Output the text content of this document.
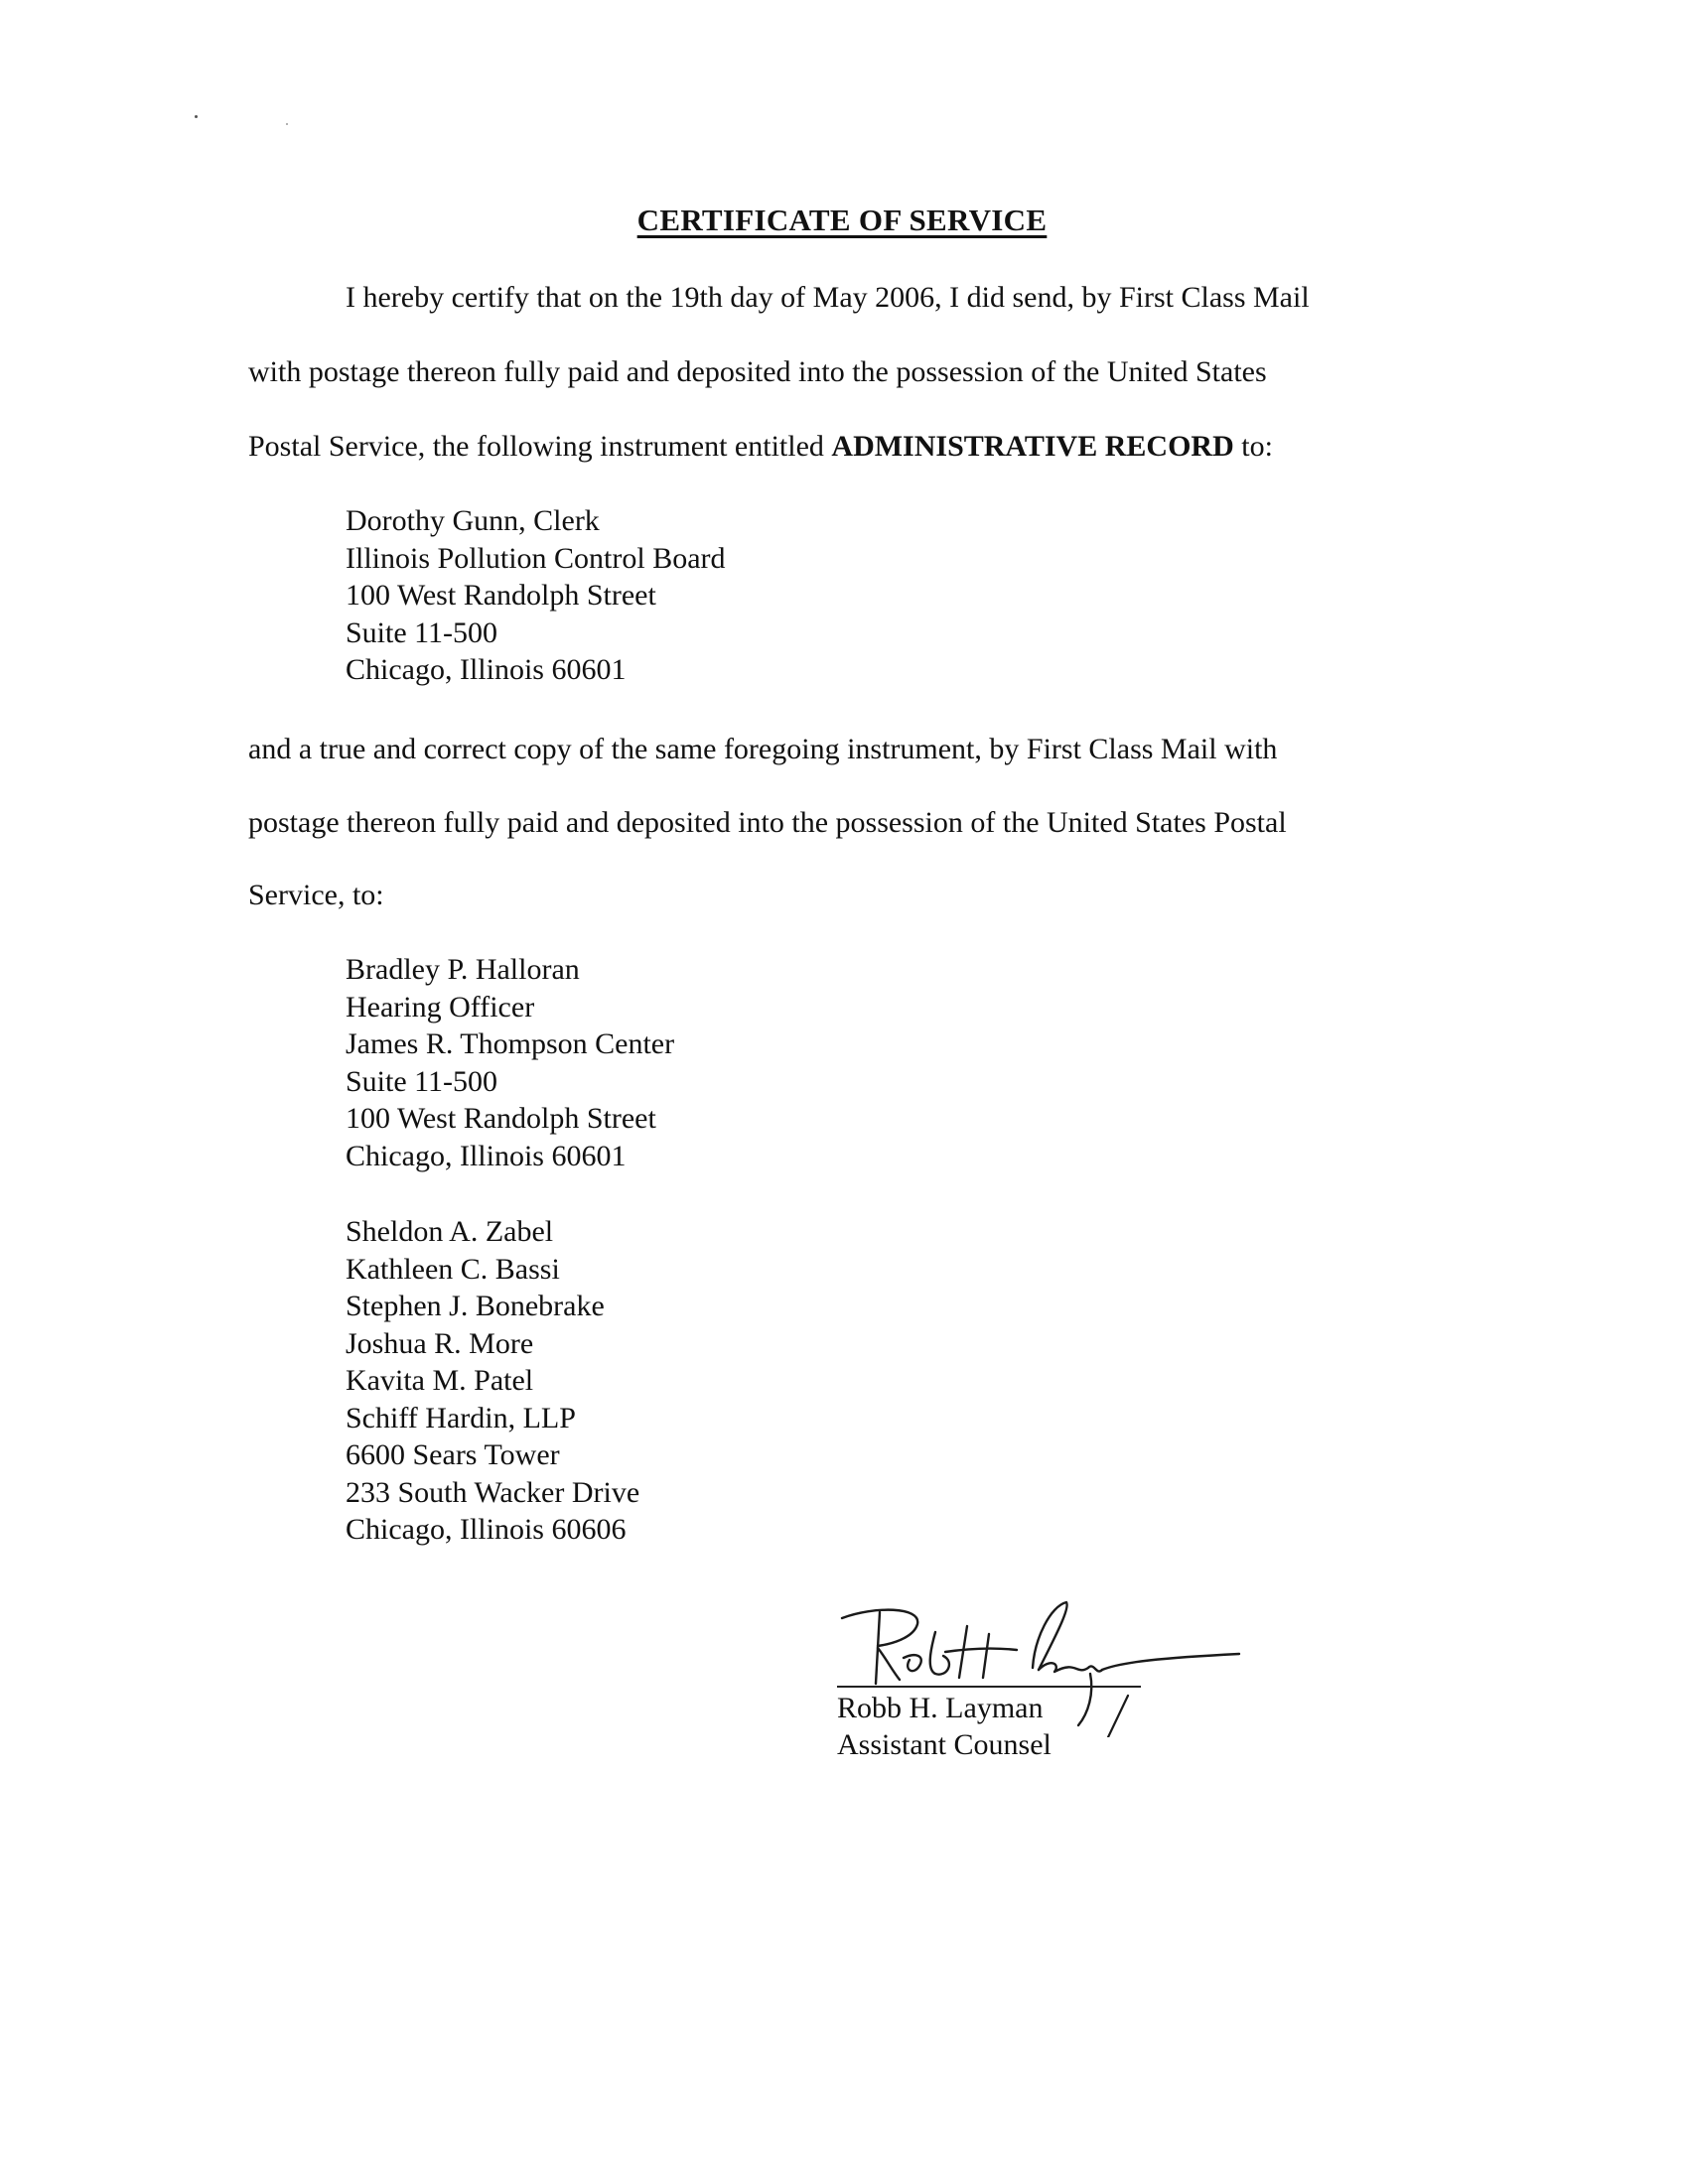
CERTIFICATE OF SERVICE
I hereby certify that on the 19th day of May 2006, I did send, by First Class Mail
with postage thereon fully paid and deposited into the possession of the United States
Postal Service, the following instrument entitled ADMINISTRATIVE RECORD to:
Dorothy Gunn, Clerk
Illinois Pollution Control Board
100 West Randolph Street
Suite 11-500
Chicago, Illinois 60601
and a true and correct copy of the same foregoing instrument, by First Class Mail with
postage thereon fully paid and deposited into the possession of the United States Postal
Service, to:
Bradley P. Halloran
Hearing Officer
James R. Thompson Center
Suite 11-500
100 West Randolph Street
Chicago, Illinois 60601
Sheldon A. Zabel
Kathleen C. Bassi
Stephen J. Bonebrake
Joshua R. More
Kavita M. Patel
Schiff Hardin, LLP
6600 Sears Tower
233 South Wacker Drive
Chicago, Illinois 60606
Robb H. Layman
Assistant Counsel
